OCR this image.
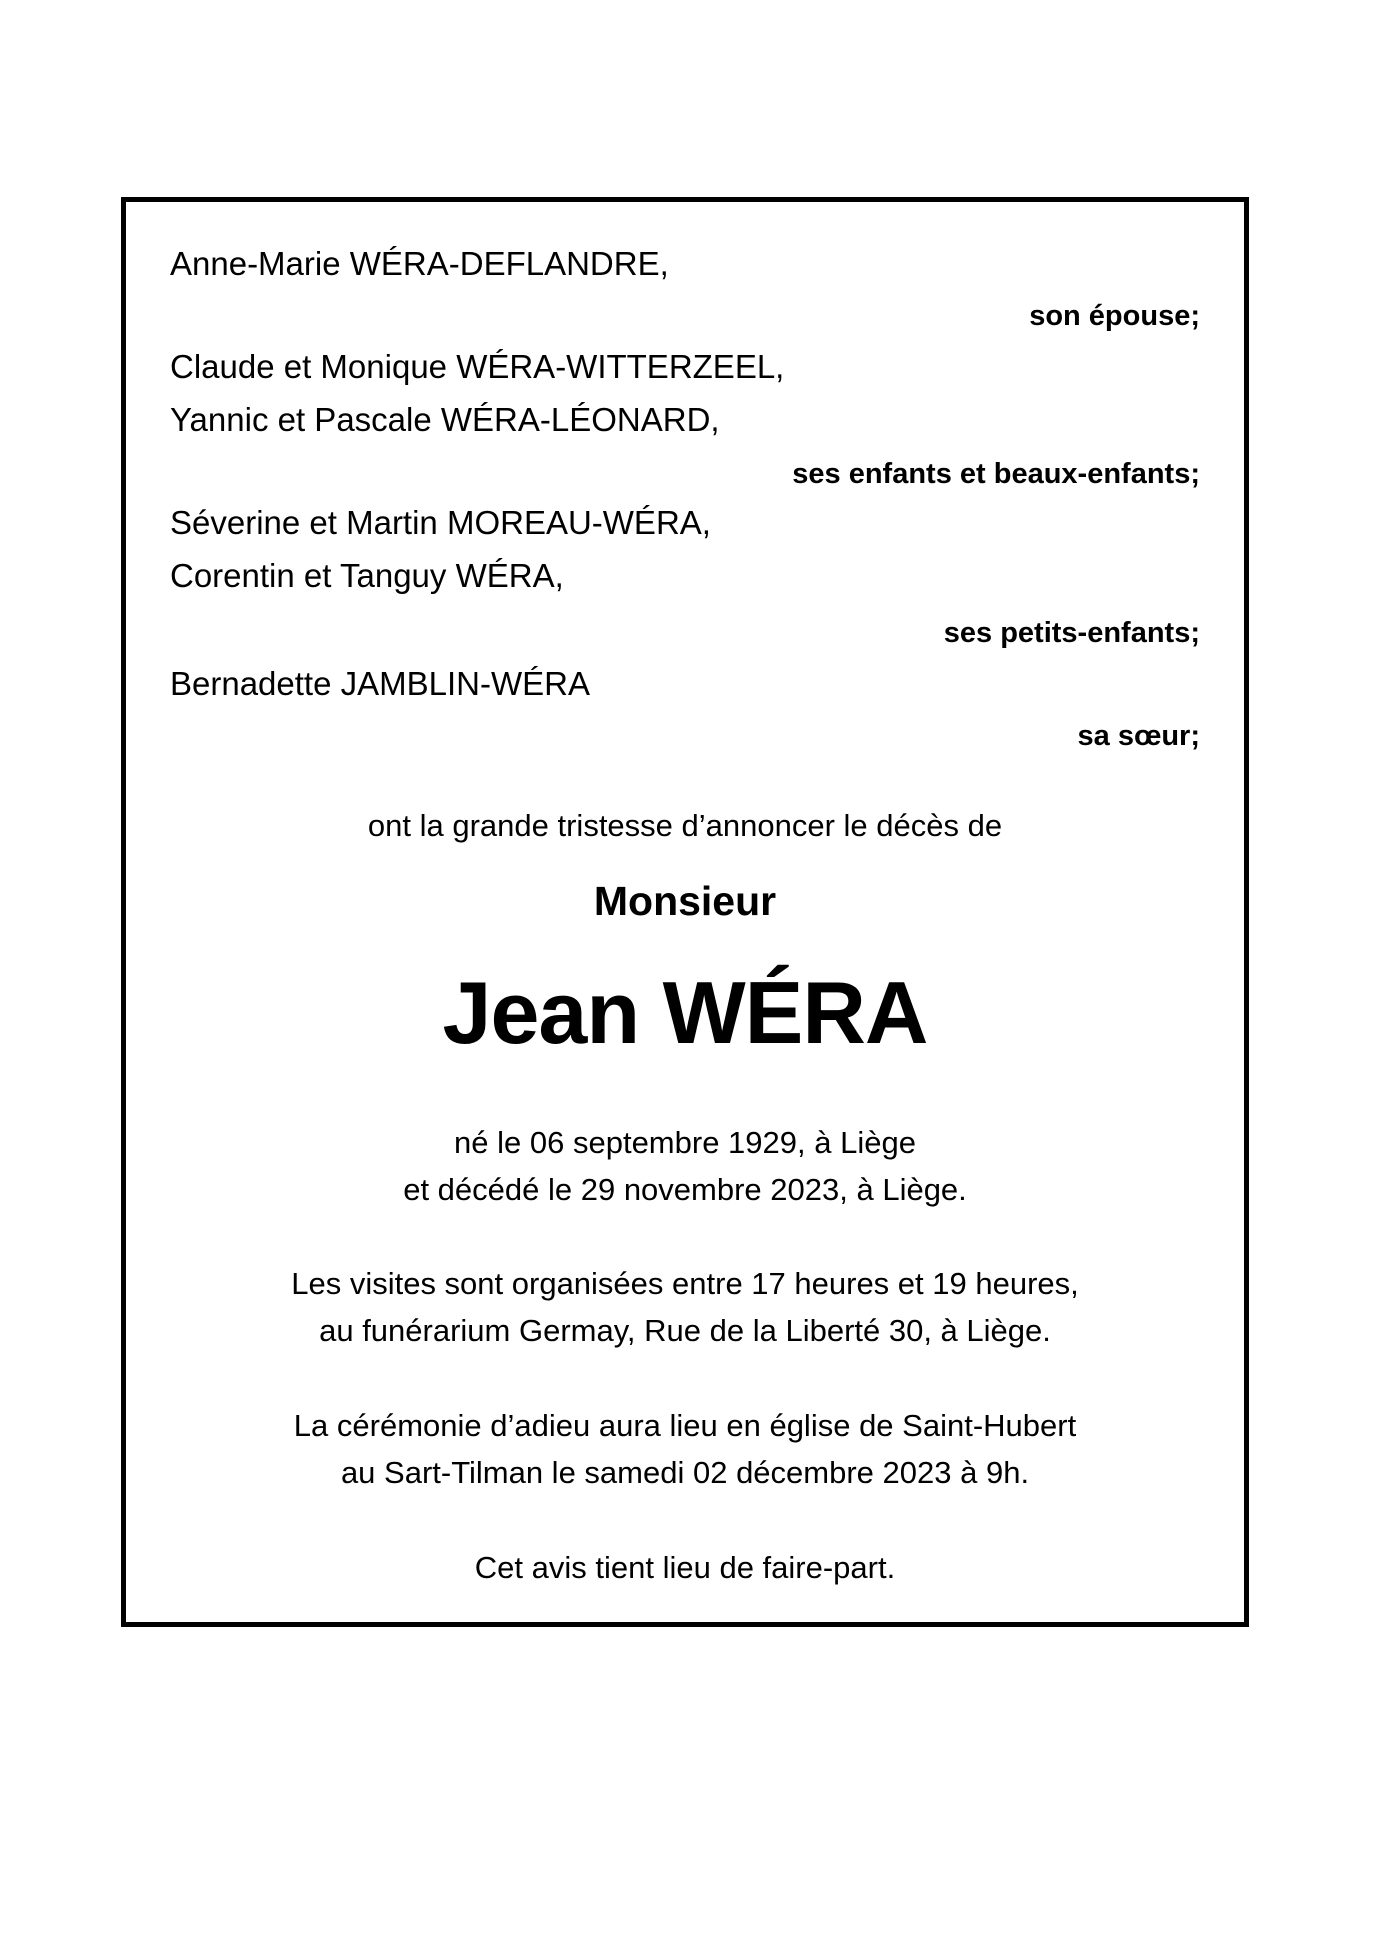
Anne-Marie WÉRA-DEFLANDRE,
son épouse;
Claude et Monique WÉRA-WITTERZEEL,
Yannic et Pascale WÉRA-LÉONARD,
ses enfants et beaux-enfants;
Séverine et Martin MOREAU-WÉRA,
Corentin et Tanguy WÉRA,
ses petits-enfants;
Bernadette JAMBLIN-WÉRA
sa sœur;
ont la grande tristesse d’annoncer le décès de
Monsieur
Jean WÉRA
né le 06 septembre 1929, à Liège
et décédé le 29 novembre 2023, à Liège.
Les visites sont organisées entre 17 heures et 19 heures,
au funérarium Germay, Rue de la Liberté 30, à Liège.
La cérémonie d’adieu aura lieu en église de Saint-Hubert
au Sart-Tilman le samedi 02 décembre 2023 à 9h.
Cet avis tient lieu de faire-part.
